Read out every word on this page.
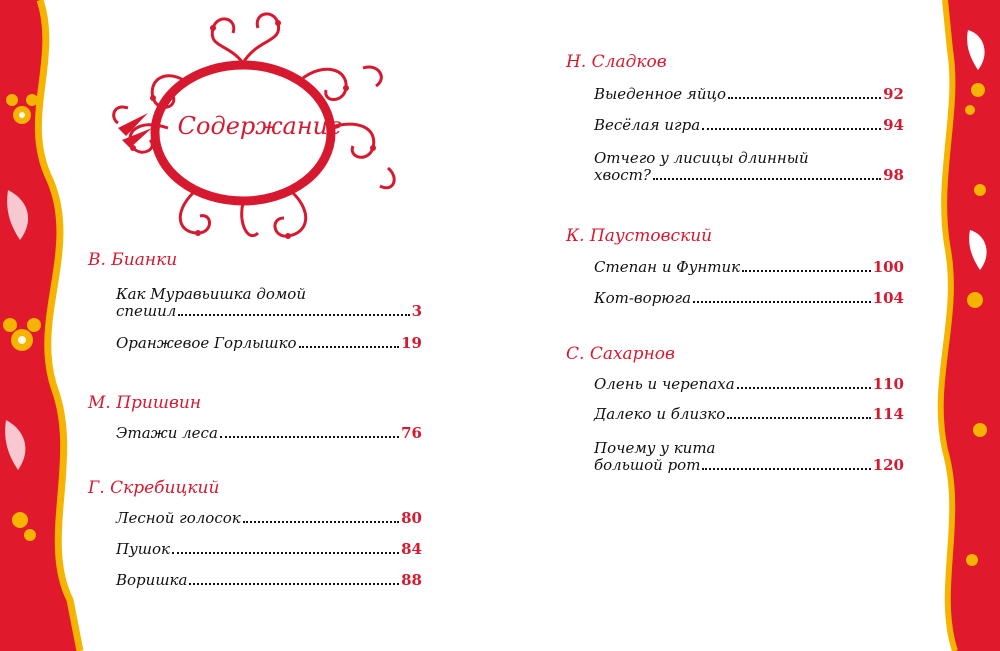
Содержание
В. Бианки
Как Муравьишка домой
спешил	3
Оранжевое Горлышко	19
М. Пришвин
Этажи леса	76
Г. Скребицкий
Лесной голосок	80
Пушок	84
Воришка	88
Н. Сладков
Выеденное яйцо	92
Весёлая игра	94
Отчего у лисицы длинный
хвост?	98
К. Паустовский
Степан и Фунтик	100
Кот-ворюга	104
С. Сахарнов
Олень и черепаха	110
Далеко и близко	114
Почему у кита
большой рот	120
